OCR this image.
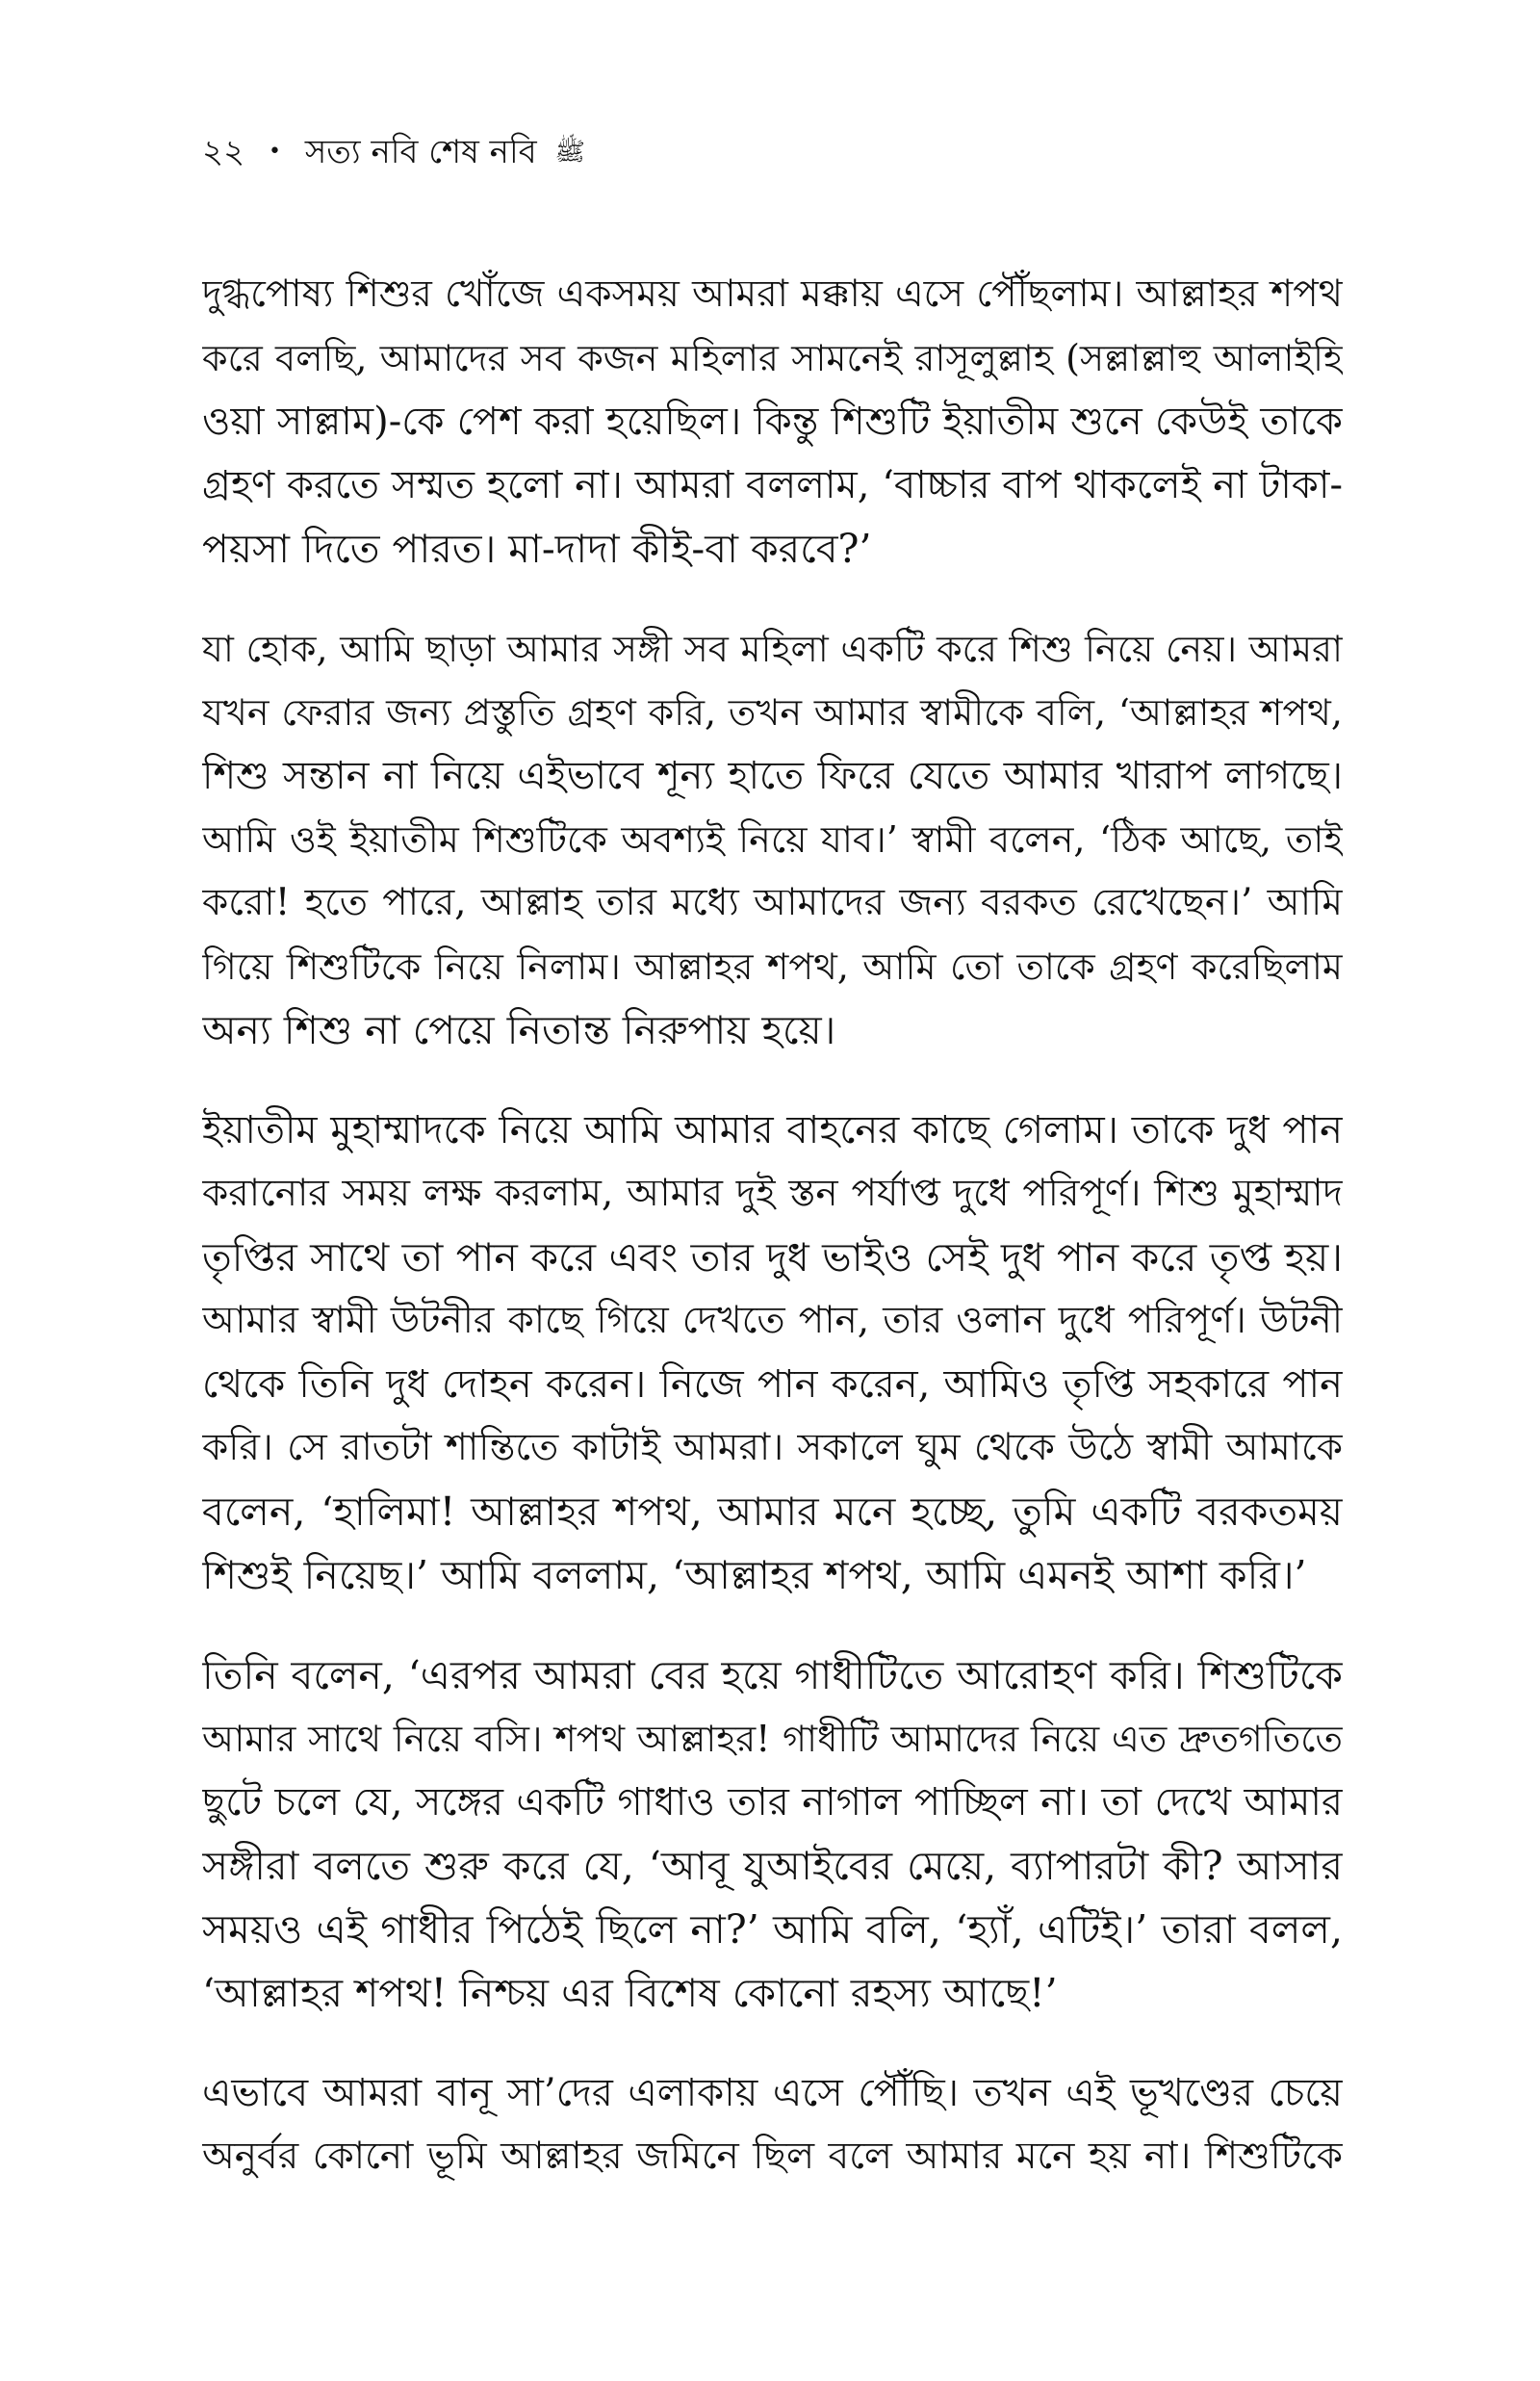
২২ • সত্য নবি শেষ নবি ﷺ
দুগ্ধপোষ্য শিশুর খোঁজে একসময় আমরা মক্কায় এসে পৌঁছলাম। আল্লাহর শপথ
করে বলছি, আমাদের সব কজন মহিলার সামনেই রাসূলুল্লাহ (সল্লাল্লাহু আলাইহি
ওয়া সাল্লাম)-কে পেশ করা হয়েছিল। কিন্তু শিশুটি ইয়াতীম শুনে কেউই তাকে
গ্রহণ করতে সম্মত হলো না। আমরা বললাম, ‘বাচ্চার বাপ থাকলেই না টাকা-
পয়সা দিতে পারত। মা-দাদা কীই-বা করবে?’
যা হোক, আমি ছাড়া আমার সঙ্গী সব মহিলা একটি করে শিশু নিয়ে নেয়। আমরা
যখন ফেরার জন্য প্রস্তুতি গ্রহণ করি, তখন আমার স্বামীকে বলি, ‘আল্লাহর শপথ,
শিশু সন্তান না নিয়ে এইভাবে শূন্য হাতে ফিরে যেতে আমার খারাপ লাগছে।
আমি ওই ইয়াতীম শিশুটিকে অবশ্যই নিয়ে যাব।’ স্বামী বলেন, ‘ঠিক আছে, তাই
করো! হতে পারে, আল্লাহ তার মধ্যে আমাদের জন্য বরকত রেখেছেন।’ আমি
গিয়ে শিশুটিকে নিয়ে নিলাম। আল্লাহর শপথ, আমি তো তাকে গ্রহণ করেছিলাম
অন্য শিশু না পেয়ে নিতান্ত নিরুপায় হয়ে।
ইয়াতীম মুহাম্মাদকে নিয়ে আমি আমার বাহনের কাছে গেলাম। তাকে দুধ পান
করানোর সময় লক্ষ করলাম, আমার দুই স্তন পর্যাপ্ত দুধে পরিপূর্ণ। শিশু মুহাম্মাদ
তৃপ্তির সাথে তা পান করে এবং তার দুধ ভাইও সেই দুধ পান করে তৃপ্ত হয়।
আমার স্বামী উটনীর কাছে গিয়ে দেখতে পান, তার ওলান দুধে পরিপূর্ণ। উটনী
থেকে তিনি দুধ দোহন করেন। নিজে পান করেন, আমিও তৃপ্তি সহকারে পান
করি। সে রাতটা শান্তিতে কাটাই আমরা। সকালে ঘুম থেকে উঠে স্বামী আমাকে
বলেন, ‘হালিমা! আল্লাহর শপথ, আমার মনে হচ্ছে, তুমি একটি বরকতময়
শিশুই নিয়েছ।’ আমি বললাম, ‘আল্লাহর শপথ, আমি এমনই আশা করি।’
তিনি বলেন, ‘এরপর আমরা বের হয়ে গাধীটিতে আরোহণ করি। শিশুটিকে
আমার সাথে নিয়ে বসি। শপথ আল্লাহর! গাধীটি আমাদের নিয়ে এত দ্রুতগতিতে
ছুটে চলে যে, সঙ্গের একটি গাধাও তার নাগাল পাচ্ছিল না। তা দেখে আমার
সঙ্গীরা বলতে শুরু করে যে, ‘আবূ যুআইবের মেয়ে, ব্যাপারটা কী? আসার
সময়ও এই গাধীর পিঠেই ছিলে না?’ আমি বলি, ‘হ্যাঁ, এটিই।’ তারা বলল,
‘আল্লাহর শপথ! নিশ্চয় এর বিশেষ কোনো রহস্য আছে!’
এভাবে আমরা বানূ সা’দের এলাকায় এসে পৌঁছি। তখন এই ভূখণ্ডের চেয়ে
অনুর্বর কোনো ভূমি আল্লাহর জমিনে ছিল বলে আমার মনে হয় না। শিশুটিকে
